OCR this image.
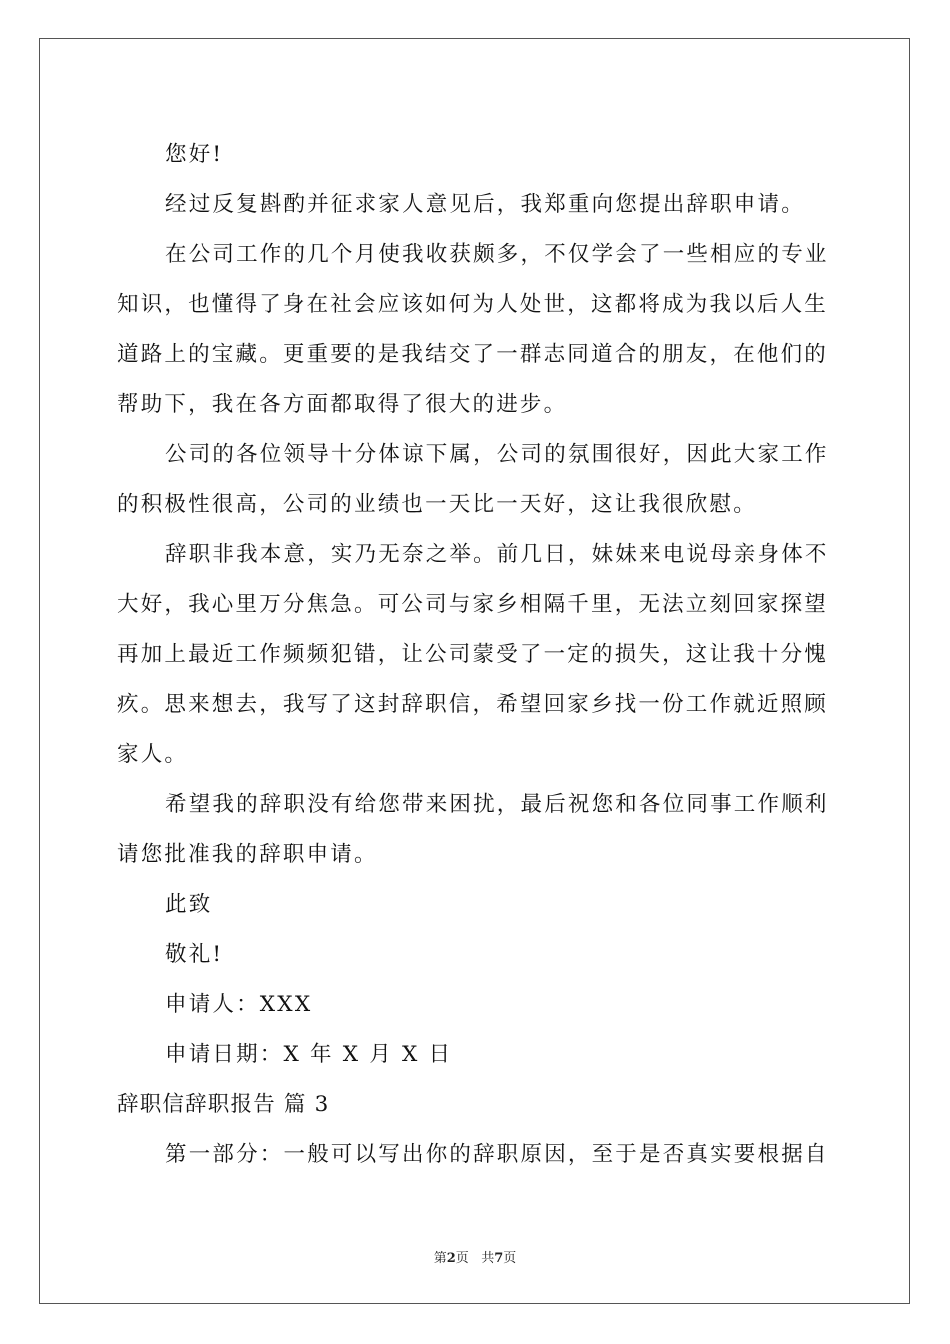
您好!
经过反复斟酌并征求家人意见后，我郑重向您提出辞职申请。
在公司工作的几个月使我收获颇多，不仅学会了一些相应的专业
知识，也懂得了身在社会应该如何为人处世，这都将成为我以后人生
道路上的宝藏。更重要的是我结交了一群志同道合的朋友，在他们的
帮助下，我在各方面都取得了很大的进步。
公司的各位领导十分体谅下属，公司的氛围很好，因此大家工作
的积极性很高，公司的业绩也一天比一天好，这让我很欣慰。
辞职非我本意，实乃无奈之举。前几日，妹妹来电说母亲身体不
大好，我心里万分焦急。可公司与家乡相隔千里，无法立刻回家探望
再加上最近工作频频犯错，让公司蒙受了一定的损失，这让我十分愧
疚。思来想去，我写了这封辞职信，希望回家乡找一份工作就近照顾
家人。
希望我的辞职没有给您带来困扰，最后祝您和各位同事工作顺利
请您批准我的辞职申请。
此致
敬礼!
申请人：XXX
申请日期：X 年 X 月 X 日
辞职信辞职报告 篇 3
第一部分：一般可以写出你的辞职原因，至于是否真实要根据自
第2页   共7页
